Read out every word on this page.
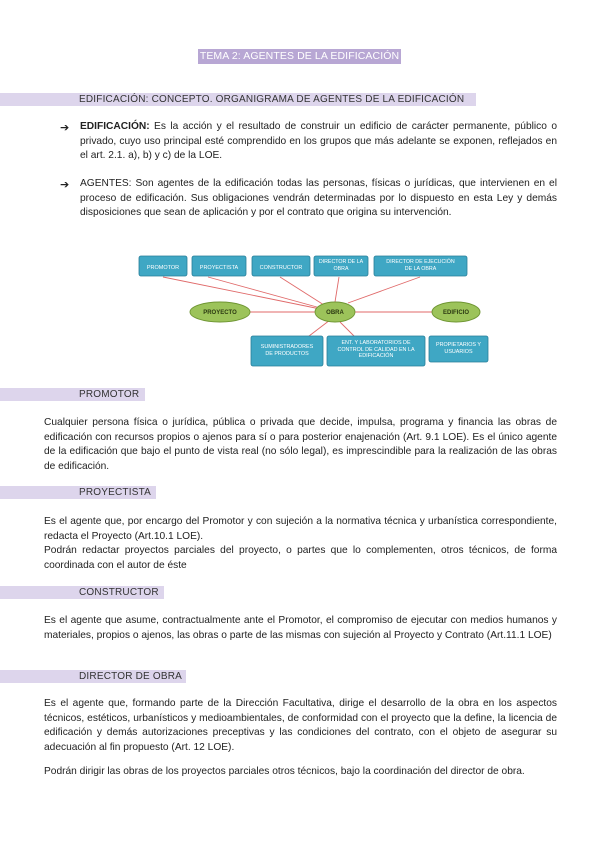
TEMA 2: AGENTES DE LA EDIFICACIÓN
EDIFICACIÓN: CONCEPTO. ORGANIGRAMA DE AGENTES DE LA EDIFICACIÓN
➔ EDIFICACIÓN: Es la acción y el resultado de construir un edificio de carácter permanente, público o privado, cuyo uso principal esté comprendido en los grupos que más adelante se exponen, reflejados en el art. 2.1. a), b) y c) de la LOE.
➔ AGENTES: Son agentes de la edificación todas las personas, físicas o jurídicas, que intervienen en el proceso de edificación. Sus obligaciones vendrán determinadas por lo dispuesto en esta Ley y demás disposiciones que sean de aplicación y por el contrato que origina su intervención.
PROMOTOR	PROYECTISTA	CONSTRUCTOR
DIRECTOR DE LA OBRA
DIRECTOR DE EJECUCIÓN DE LA OBRA
PROYECTO	OBRA	EDIFICIO
SUMINISTRADORES DE PRODUCTOS
ENT. Y LABORATORIOS DE CONTROL DE CALIDAD EN LA EDIFICACIÓN
PROPIETARIOS Y USUARIOS
PROMOTOR
Cualquier persona física o jurídica, pública o privada que decide, impulsa, programa y financia las obras de edificación con recursos propios o ajenos para sí o para posterior enajenación (Art. 9.1 LOE). Es el único agente de la edificación que bajo el punto de vista real (no sólo legal), es imprescindible para la realización de las obras de edificación.
PROYECTISTA
Es el agente que, por encargo del Promotor y con sujeción a la normativa técnica y urbanística correspondiente, redacta el Proyecto (Art.10.1 LOE).
Podrán redactar proyectos parciales del proyecto, o partes que lo complementen, otros técnicos, de forma coordinada con el autor de éste
CONSTRUCTOR
Es el agente que asume, contractualmente ante el Promotor, el compromiso de ejecutar con medios humanos y materiales, propios o ajenos, las obras o parte de las mismas con sujeción al Proyecto y Contrato (Art.11.1 LOE)
DIRECTOR DE OBRA
Es el agente que, formando parte de la Dirección Facultativa, dirige el desarrollo de la obra en los aspectos técnicos, estéticos, urbanísticos y medioambientales, de conformidad con el proyecto que la define, la licencia de edificación y demás autorizaciones preceptivas y las condiciones del contrato, con el objeto de asegurar su adecuación al fin propuesto (Art. 12 LOE).
Podrán dirigir las obras de los proyectos parciales otros técnicos, bajo la coordinación del director de obra.
